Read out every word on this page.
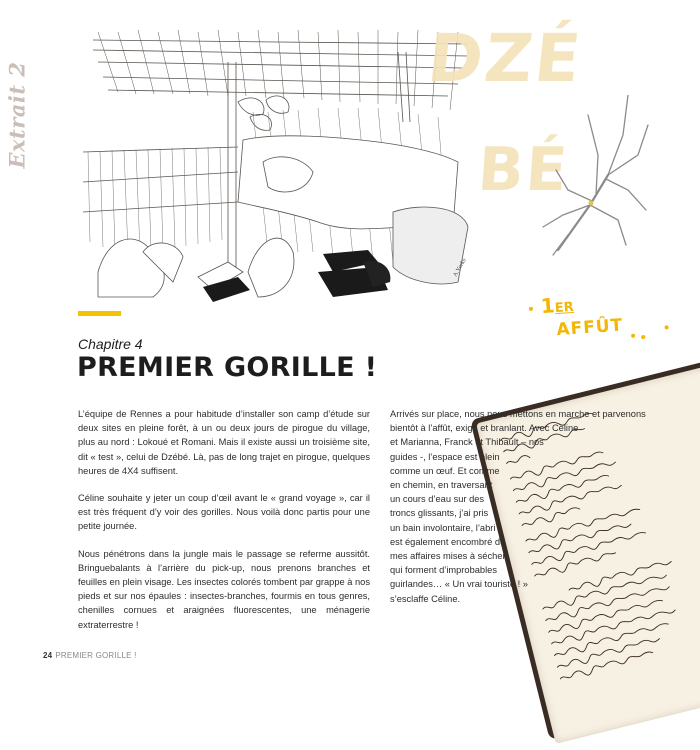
Extrait 2
A.Yorks
DZÉ
BÉ
1ER
AFFÛT
Chapitre 4
PREMIER GORILLE !

L’équipe de Rennes a pour habitude d’installer son camp d’étude sur deux sites en pleine forêt, à un ou deux jours de pirogue du village, plus au nord : Lokoué et Romani. Mais il existe aussi un troisième site, dit « test », celui de Dzébé. Là, pas de long trajet en pirogue, quelques heures de 4X4 suffisent.

Céline souhaite y jeter un coup d’œil avant le « grand voyage », car il est très fréquent d’y voir des gorilles. Nous voilà donc partis pour une petite journée.

Nous pénétrons dans la jungle mais le passage se referme aussitôt. Bringuebalants à l’arrière du pick-up, nous prenons branches et feuilles en plein visage. Les insectes colorés tombent par grappe à nos pieds et sur nos épaules : insectes-branches, fourmis en tous genres, chenilles cornues et araignées fluorescentes, une ménagerie extraterrestre !

Arrivés sur place, nous nous mettons en marche et parvenons
bientôt à l’affût, exigu et branlant. Avec Céline
et Marianna, Franck et Thibault – nos
guides -, l’espace est plein
comme un œuf. Et comme
en chemin, en traversant
un cours d’eau sur des
troncs glissants, j’ai pris
un bain involontaire, l’abri
est également encombré de
mes affaires mises à sécher,
qui forment d’improbables
guirlandes… « Un vrai touriste ! »
s’esclaffe Céline.
24 PREMIER GORILLE !
